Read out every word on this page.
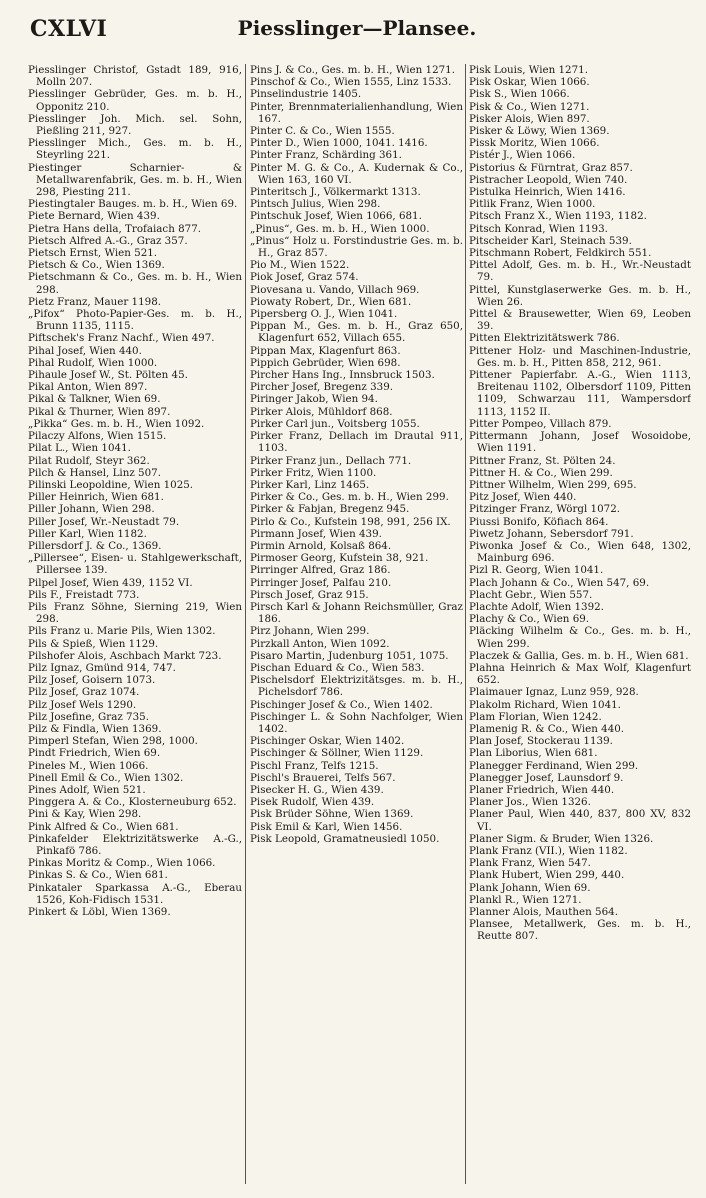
CXLVI	Piesslinger—Plansee.
Piesslinger Christof, Gstadt 189, 916, Molln 207.
Piesslinger Gebrüder, Ges. m. b. H., Opponitz 210.
Piesslinger Joh. Mich. sel. Sohn, Pießling 211, 927.
Piesslinger Mich., Ges. m. b. H., Steyrling 221.
Piestinger Scharnier- & Metallwarenfabrik, Ges. m. b. H., Wien 298, Piesting 211.
Piestingtaler Bauges. m. b. H., Wien 69.
Piete Bernard, Wien 439.
Pietra Hans della, Trofaiach 877.
Pietsch Alfred A.-G., Graz 357.
Pietsch Ernst, Wien 521.
Pietsch & Co., Wien 1369.
Pietschmann & Co., Ges. m. b. H., Wien 298.
Pietz Franz, Mauer 1198.
„Pifox“ Photo-Papier-Ges. m. b. H., Brunn 1135, 1115.
Piftschek's Franz Nachf., Wien 497.
Pihal Josef, Wien 440.
Pihal Rudolf, Wien 1000.
Pihaule Josef W., St. Pölten 45.
Pikal Anton, Wien 897.
Pikal & Talkner, Wien 69.
Pikal & Thurner, Wien 897.
„Pikka“ Ges. m. b. H., Wien 1092.
Pilaczy Alfons, Wien 1515.
Pilat L., Wien 1041.
Pilat Rudolf, Steyr 362.
Pilch & Hansel, Linz 507.
Pilinski Leopoldine, Wien 1025.
Piller Heinrich, Wien 681.
Piller Johann, Wien 298.
Piller Josef, Wr.-Neustadt 79.
Piller Karl, Wien 1182.
Pillersdorf J. & Co., 1369.
„Pillersee“, Eisen- u. Stahlgewerkschaft, Pillersee 139.
Pilpel Josef, Wien 439, 1152 VI.
Pils F., Freistadt 773.
Pils Franz Söhne, Sierning 219, Wien 298.
Pils Franz u. Marie Pils, Wien 1302.
Pils & Spieß, Wien 1129.
Pilshofer Alois, Aschbach Markt 723.
Pilz Ignaz, Gmünd 914, 747.
Pilz Josef, Goisern 1073.
Pilz Josef, Graz 1074.
Pilz Josef Wels 1290.
Pilz Josefine, Graz 735.
Pilz & Findla, Wien 1369.
Pimperl Stefan, Wien 298, 1000.
Pindt Friedrich, Wien 69.
Pineles M., Wien 1066.
Pinell Emil & Co., Wien 1302.
Pines Adolf, Wien 521.
Pinggera A. & Co., Klosterneuburg 652.
Pini & Kay, Wien 298.
Pink Alfred & Co., Wien 681.
Pinkafelder Elektrizitätswerke A.-G., Pinkafö 786.
Pinkas Moritz & Comp., Wien 1066.
Pinkas S. & Co., Wien 681.
Pinkataler Sparkassa A.-G., Eberau 1526, Koh-Fidisch 1531.
Pinkert & Löbl, Wien 1369.
Pins J. & Co., Ges. m. b. H., Wien 1271.
Pinschof & Co., Wien 1555, Linz 1533.
Pinselindustrie 1405.
Pinter, Brennmaterialienhandlung, Wien 167.
Pinter C. & Co., Wien 1555.
Pinter D., Wien 1000, 1041. 1416.
Pinter Franz, Schärding 361.
Pinter M. G. & Co., A. Kudernak & Co., Wien 163, 160 VI.
Pinteritsch J., Völkermarkt 1313.
Pintsch Julius, Wien 298.
Pintschuk Josef, Wien 1066, 681.
„Pinus“, Ges. m. b. H., Wien 1000.
„Pinus“ Holz u. Forstindustrie Ges. m. b. H., Graz 857.
Pio M., Wien 1522.
Piok Josef, Graz 574.
Piovesana u. Vando, Villach 969.
Piowaty Robert, Dr., Wien 681.
Pipersberg O. J., Wien 1041.
Pippan M., Ges. m. b. H., Graz 650, Klagenfurt 652, Villach 655.
Pippan Max, Klagenfurt 863.
Pippich Gebrüder, Wien 698.
Pircher Hans Ing., Innsbruck 1503.
Pircher Josef, Bregenz 339.
Piringer Jakob, Wien 94.
Pirker Alois, Mühldorf 868.
Pirker Carl jun., Voitsberg 1055.
Pirker Franz, Dellach im Drautal 911, 1103.
Pirker Franz jun., Dellach 771.
Pirker Fritz, Wien 1100.
Pirker Karl, Linz 1465.
Pirker & Co., Ges. m. b. H., Wien 299.
Pirker & Fabjan, Bregenz 945.
Pirlo & Co., Kufstein 198, 991, 256 IX.
Pirmann Josef, Wien 439.
Pirmin Arnold, Kolsaß 864.
Pirmoser Georg, Kufstein 38, 921.
Pirringer Alfred, Graz 186.
Pirringer Josef, Palfau 210.
Pirsch Josef, Graz 915.
Pirsch Karl & Johann Reichsmüller, Graz 186.
Pirz Johann, Wien 299.
Pirzkall Anton, Wien 1092.
Pisaro Martin, Judenburg 1051, 1075.
Pischan Eduard & Co., Wien 583.
Pischelsdorf Elektrizitätsges. m. b. H., Pichelsdorf 786.
Pischinger Josef & Co., Wien 1402.
Pischinger L. & Sohn Nachfolger, Wien 1402.
Pischinger Oskar, Wien 1402.
Pischinger & Söllner, Wien 1129.
Pischl Franz, Telfs 1215.
Pischl's Brauerei, Telfs 567.
Pisecker H. G., Wien 439.
Pisek Rudolf, Wien 439.
Pisk Brüder Söhne, Wien 1369.
Pisk Emil & Karl, Wien 1456.
Pisk Leopold, Gramatneusiedl 1050.
Pisk Louis, Wien 1271.
Pisk Oskar, Wien 1066.
Pisk S., Wien 1066.
Pisk & Co., Wien 1271.
Pisker Alois, Wien 897.
Pisker & Löwy, Wien 1369.
Pissk Moritz, Wien 1066.
Pistér J., Wien 1066.
Pistorius & Fürntrat, Graz 857.
Pistracher Leopold, Wien 740.
Pistulka Heinrich, Wien 1416.
Pitlik Franz, Wien 1000.
Pitsch Franz X., Wien 1193, 1182.
Pitsch Konrad, Wien 1193.
Pitscheider Karl, Steinach 539.
Pitschmann Robert, Feldkirch 551.
Pittel Adolf, Ges. m. b. H., Wr.-Neustadt 79.
Pittel, Kunstglaserwerke Ges. m. b. H., Wien 26.
Pittel & Brausewetter, Wien 69, Leoben 39.
Pitten Elektrizitätswerk 786.
Pittener Holz- und Maschinen-Industrie, Ges. m. b. H., Pitten 858, 212, 961.
Pittener Papierfabr. A.-G., Wien 1113, Breitenau 1102, Olbersdorf 1109, Pitten 1109, Schwarzau 111, Wampersdorf 1113, 1152 II.
Pitter Pompeo, Villach 879.
Pittermann Johann, Josef Wosoidobe, Wien 1191.
Pittner Franz, St. Pölten 24.
Pittner H. & Co., Wien 299.
Pittner Wilhelm, Wien 299, 695.
Pitz Josef, Wien 440.
Pitzinger Franz, Wörgl 1072.
Piussi Bonifo, Köfiach 864.
Piwetz Johann, Sebersdorf 791.
Piwonka Josef & Co., Wien 648, 1302, Mainburg 696.
Pizl R. Georg, Wien 1041.
Plach Johann & Co., Wien 547, 69.
Placht Gebr., Wien 557.
Plachte Adolf, Wien 1392.
Plachy & Co., Wien 69.
Pläcking Wilhelm & Co., Ges. m. b. H., Wien 299.
Placzek & Gallia, Ges. m. b. H., Wien 681.
Plahna Heinrich & Max Wolf, Klagenfurt 652.
Plaimauer Ignaz, Lunz 959, 928.
Plakolm Richard, Wien 1041.
Plam Florian, Wien 1242.
Plamenig R. & Co., Wien 440.
Plan Josef, Stockerau 1139.
Plan Liborius, Wien 681.
Planegger Ferdinand, Wien 299.
Planegger Josef, Launsdorf 9.
Planer Friedrich, Wien 440.
Planer Jos., Wien 1326.
Planer Paul, Wien 440, 837, 800 XV, 832 VI.
Planer Sigm. & Bruder, Wien 1326.
Plank Franz (VII.), Wien 1182.
Plank Franz, Wien 547.
Plank Hubert, Wien 299, 440.
Plank Johann, Wien 69.
Plankl R., Wien 1271.
Planner Alois, Mauthen 564.
Plansee, Metallwerk, Ges. m. b. H., Reutte 807.
